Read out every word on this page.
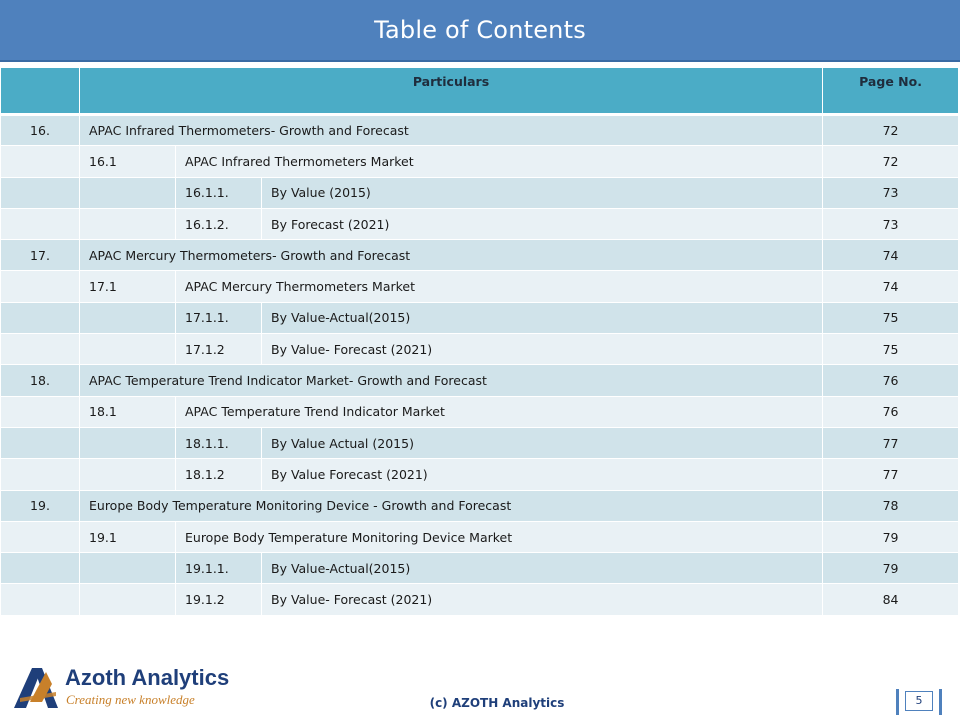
Table of Contents
	Particulars			Page No.
16.	APAC Infrared Thermometers- Growth and Forecast			72
	16.1	APAC Infrared Thermometers Market		72
		16.1.1.	By Value (2015)	73
		16.1.2.	By Forecast (2021)	73
17.	APAC Mercury Thermometers- Growth and Forecast			74
	17.1	APAC Mercury Thermometers Market		74
		17.1.1.	By Value-Actual(2015)	75
		17.1.2	By Value- Forecast (2021)	75
18.	APAC Temperature Trend Indicator Market- Growth and Forecast			76
	18.1	APAC Temperature Trend Indicator Market		76
		18.1.1.	By Value Actual (2015)	77
		18.1.2	By Value Forecast (2021)	77
19.	Europe Body Temperature Monitoring Device - Growth and Forecast			78
	19.1	Europe Body Temperature Monitoring Device Market		79
		19.1.1.	By Value-Actual(2015)	79
		19.1.2	By Value- Forecast (2021)	84
Azoth Analytics
Creating new knowledge	(c) AZOTH Analytics	5
